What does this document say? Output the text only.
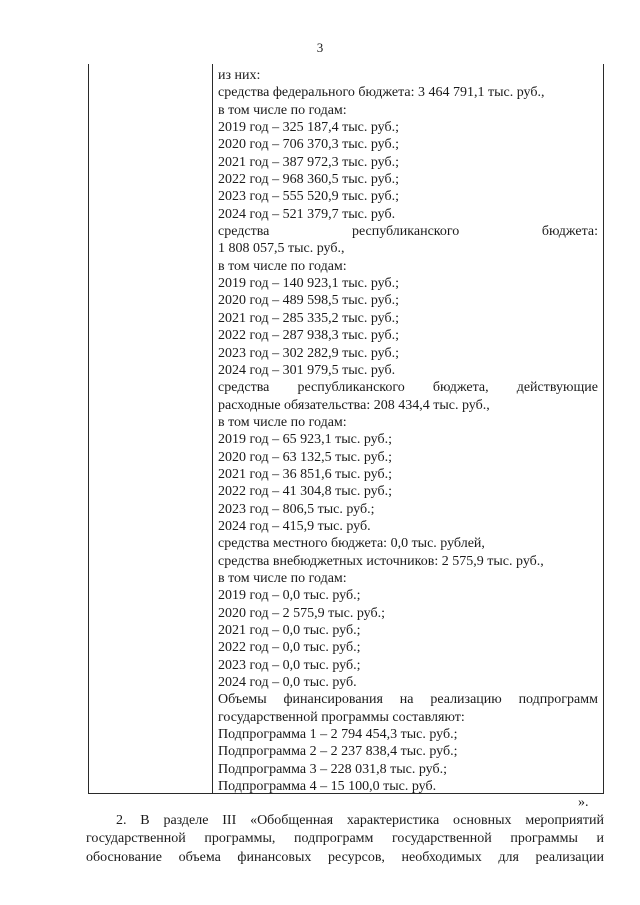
3
из них:
средства федерального бюджета: 3 464 791,1 тыс. руб.,
в том числе по годам:
2019 год – 325 187,4 тыс. руб.;
2020 год – 706 370,3 тыс. руб.;
2021 год – 387 972,3 тыс. руб.;
2022 год – 968 360,5 тыс. руб.;
2023 год – 555 520,9 тыс. руб.;
2024 год – 521 379,7 тыс. руб.
средства	республиканского	бюджета:
1 808 057,5 тыс. руб.,
в том числе по годам:
2019 год – 140 923,1 тыс. руб.;
2020 год – 489 598,5 тыс. руб.;
2021 год – 285 335,2 тыс. руб.;
2022 год – 287 938,3 тыс. руб.;
2023 год – 302 282,9 тыс. руб.;
2024 год – 301 979,5 тыс. руб.
средства республиканского бюджета, действующие
расходные обязательства: 208 434,4 тыс. руб.,
в том числе по годам:
2019 год – 65 923,1 тыс. руб.;
2020 год – 63 132,5 тыс. руб.;
2021 год – 36 851,6 тыс. руб.;
2022 год – 41 304,8 тыс. руб.;
2023 год – 806,5 тыс. руб.;
2024 год – 415,9 тыс. руб.
средства местного бюджета: 0,0 тыс. рублей,
средства внебюджетных источников: 2 575,9 тыс. руб.,
в том числе по годам:
2019 год – 0,0 тыс. руб.;
2020 год – 2 575,9 тыс. руб.;
2021 год – 0,0 тыс. руб.;
2022 год – 0,0 тыс. руб.;
2023 год – 0,0 тыс. руб.;
2024 год – 0,0 тыс. руб.
Объемы финансирования на реализацию подпрограмм
государственной программы составляют:
Подпрограмма 1 – 2 794 454,3 тыс. руб.;
Подпрограмма 2 – 2 237 838,4 тыс. руб.;
Подпрограмма 3 – 228 031,8 тыс. руб.;
Подпрограмма 4 – 15 100,0 тыс. руб.
».
2. В разделе III «Обобщенная характеристика основных мероприятий
государственной программы, подпрограмм государственной программы и
обоснование объема финансовых ресурсов, необходимых для реализации
